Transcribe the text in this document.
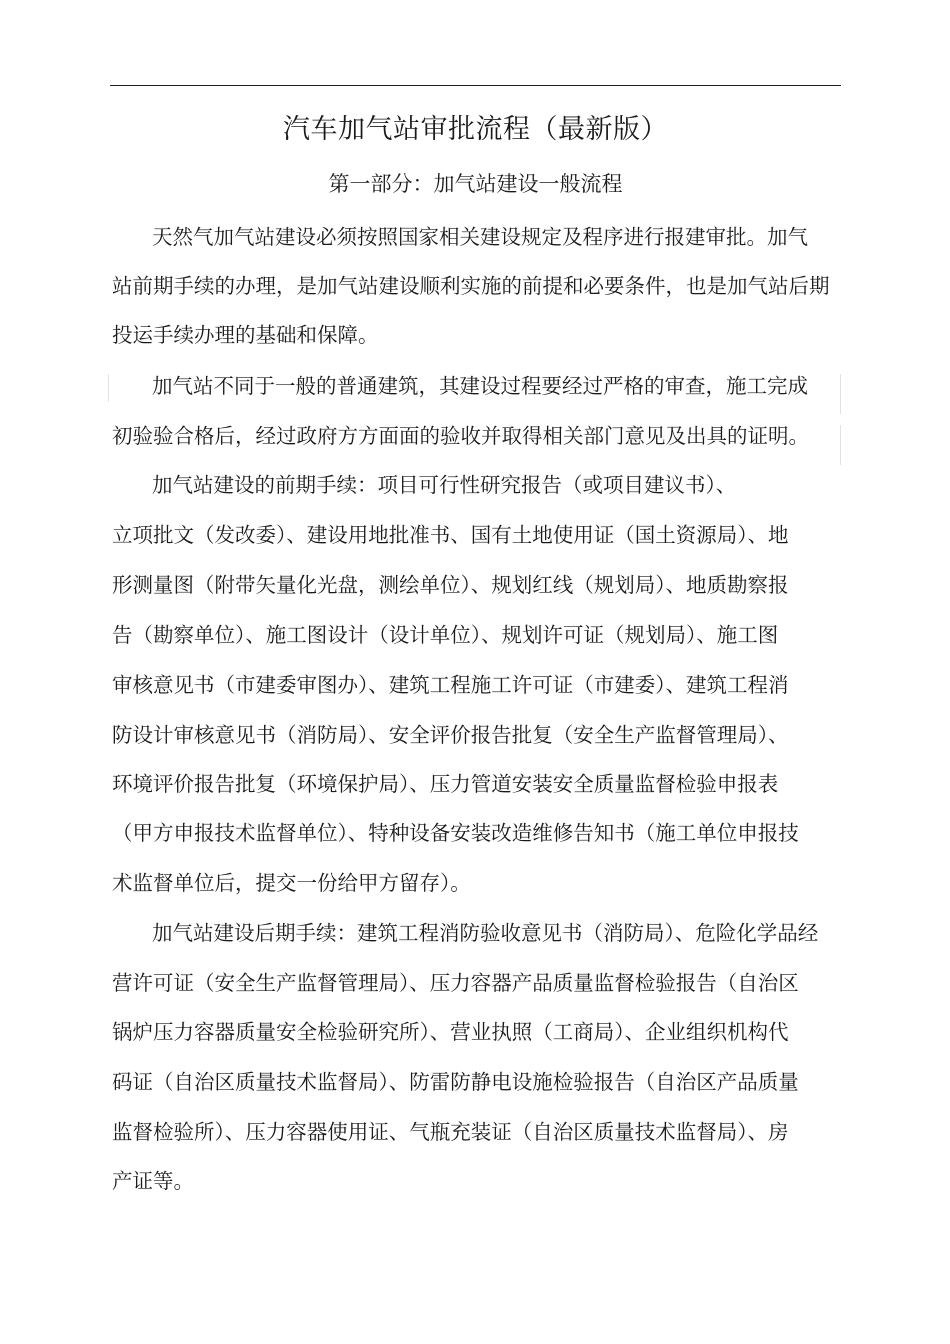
汽车加气站审批流程（最新版）
第一部分：加气站建设一般流程
天然气加气站建设必须按照国家相关建设规定及程序进行报建审批。加气
站前期手续的办理，是加气站建设顺利实施的前提和必要条件，也是加气站后期
投运手续办理的基础和保障。
加气站不同于一般的普通建筑，其建设过程要经过严格的审查，施工完成
初验验合格后，经过政府方方面面的验收并取得相关部门意见及出具的证明。
加气站建设的前期手续：项目可行性研究报告（或项目建议书）、
立项批文（发改委）、建设用地批准书、国有土地使用证（国土资源局）、地
形测量图（附带矢量化光盘，测绘单位）、规划红线（规划局）、地质勘察报
告（勘察单位）、施工图设计（设计单位）、规划许可证（规划局）、施工图
审核意见书（市建委审图办）、建筑工程施工许可证（市建委）、建筑工程消
防设计审核意见书（消防局）、安全评价报告批复（安全生产监督管理局）、
环境评价报告批复（环境保护局）、压力管道安装安全质量监督检验申报表
（甲方申报技术监督单位）、特种设备安装改造维修告知书（施工单位申报技
术监督单位后，提交一份给甲方留存）。
加气站建设后期手续：建筑工程消防验收意见书（消防局）、危险化学品经
营许可证（安全生产监督管理局）、压力容器产品质量监督检验报告（自治区
锅炉压力容器质量安全检验研究所）、营业执照（工商局）、企业组织机构代
码证（自治区质量技术监督局）、防雷防静电设施检验报告（自治区产品质量
监督检验所）、压力容器使用证、气瓶充装证（自治区质量技术监督局）、房
产证等。
